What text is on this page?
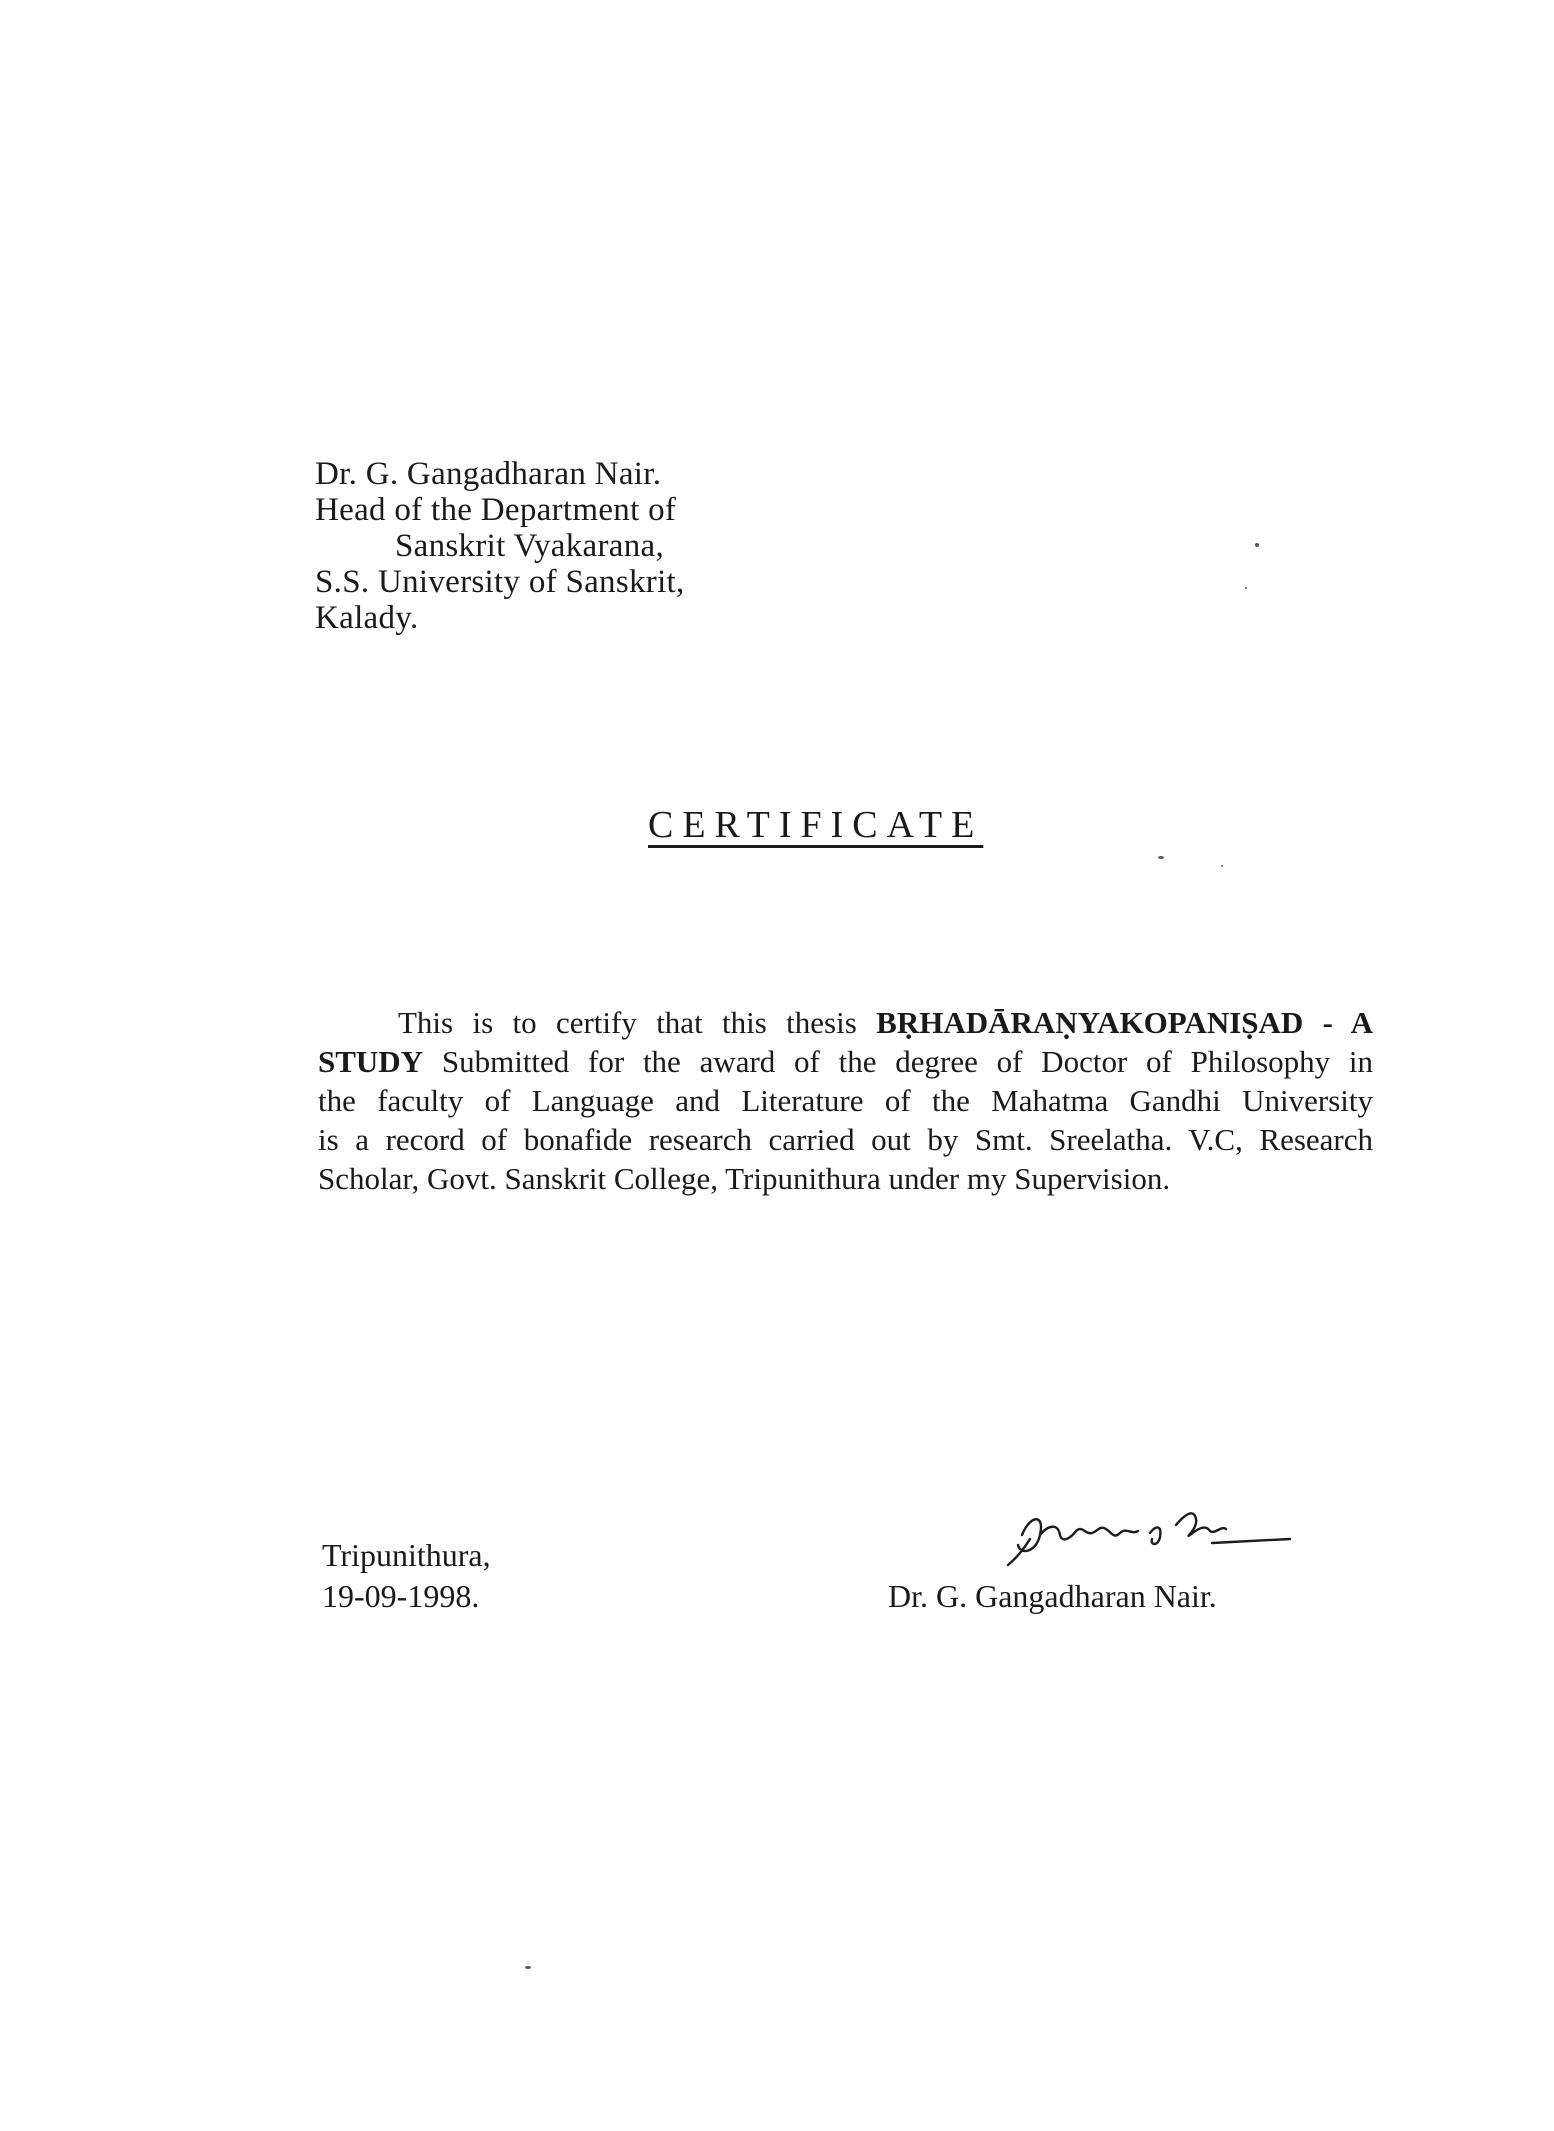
Dr. G. Gangadharan Nair.
Head of the Department of
Sanskrit Vyakarana,
S.S. University of Sanskrit,
Kalady.
CERTIFICATE
This is to certify that this thesis BṚHADĀRAṆYAKOPANIṢAD - A
STUDY Submitted for the award of the degree of Doctor of Philosophy in
the faculty of Language and Literature of the Mahatma Gandhi University
is a record of bonafide research carried out by Smt. Sreelatha. V.C, Research
Scholar, Govt. Sanskrit College, Tripunithura under my Supervision.
Tripunithura,
19-09-1998.	Dr. G. Gangadharan Nair.
